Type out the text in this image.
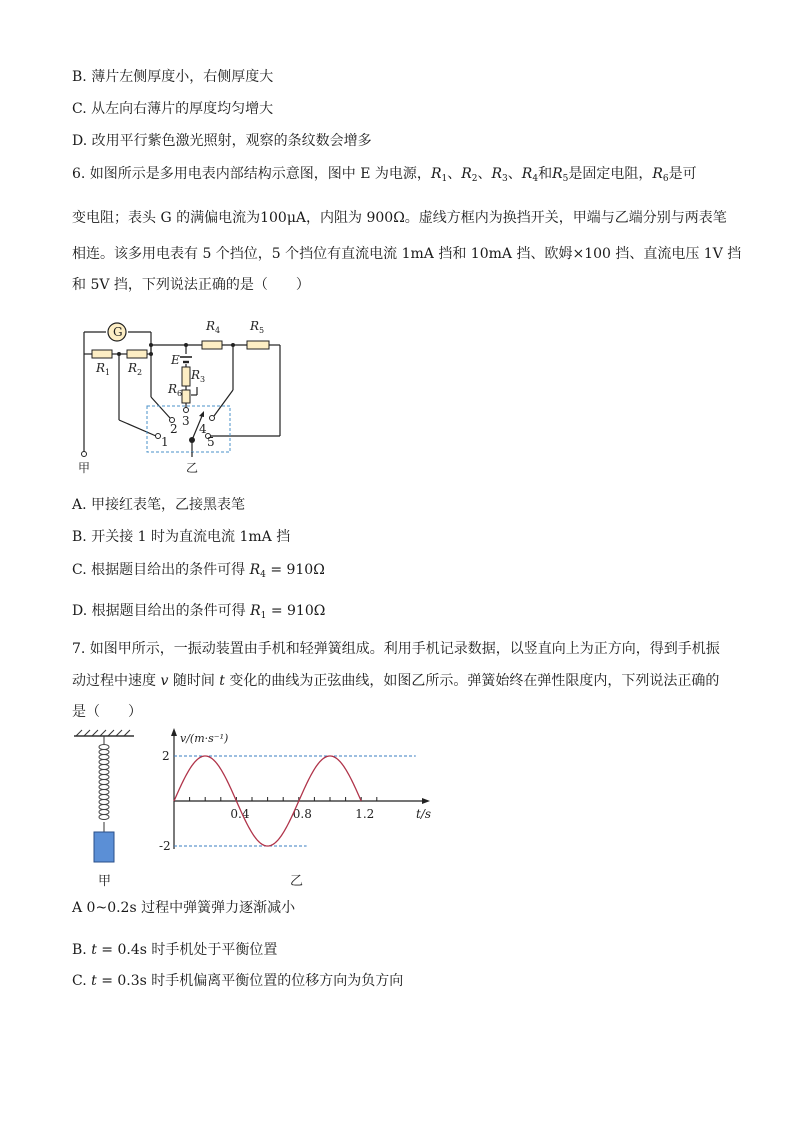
B. 薄片左侧厚度小，右侧厚度大
C. 从左向右薄片的厚度均匀增大
D. 改用平行紫色激光照射，观察的条纹数会增多
6. 如图所示是多用电表内部结构示意图，图中 E 为电源，$R_1$、$R_2$、$R_3$、$R_4$和$R_5$是固定电阻，$R_6$是可
变电阻；表头 G 的满偏电流为100μA，内阻为 900Ω。虚线方框内为换挡开关，甲端与乙端分别与两表笔
相连。该多用电表有 5 个挡位，5 个挡位有直流电流 1mA 挡和 10mA 挡、欧姆×100 挡、直流电压 1V 挡
和 5V 挡，下列说法正确的是（　　）
G
$R_1$ $R_2$
$R_4$ $R_5$
$R_3$
$R_6$
E
1
2
3
4
5
甲	乙
A. 甲接红表笔，乙接黑表笔
B. 开关接 1 时为直流电流 1mA 挡
C. 根据题目给出的条件可得 $R_4 = 910\Omega$
D. 根据题目给出的条件可得 $R_1 = 910\Omega$
7. 如图甲所示，一振动装置由手机和轻弹簧组成。利用手机记录数据，以竖直向上为正方向，得到手机振
动过程中速度 v 随时间 t 变化的曲线为正弦曲线，如图乙所示。弹簧始终在弹性限度内，下列说法正确的
是（　　）
甲
0.4	0.8	1.2
2
-2
v/(m·s⁻¹)
t/s
乙
A 0~0.2s 过程中弹簧弹力逐渐减小
B. t = 0.4s 时手机处于平衡位置
C. t = 0.3s 时手机偏离平衡位置的位移方向为负方向
